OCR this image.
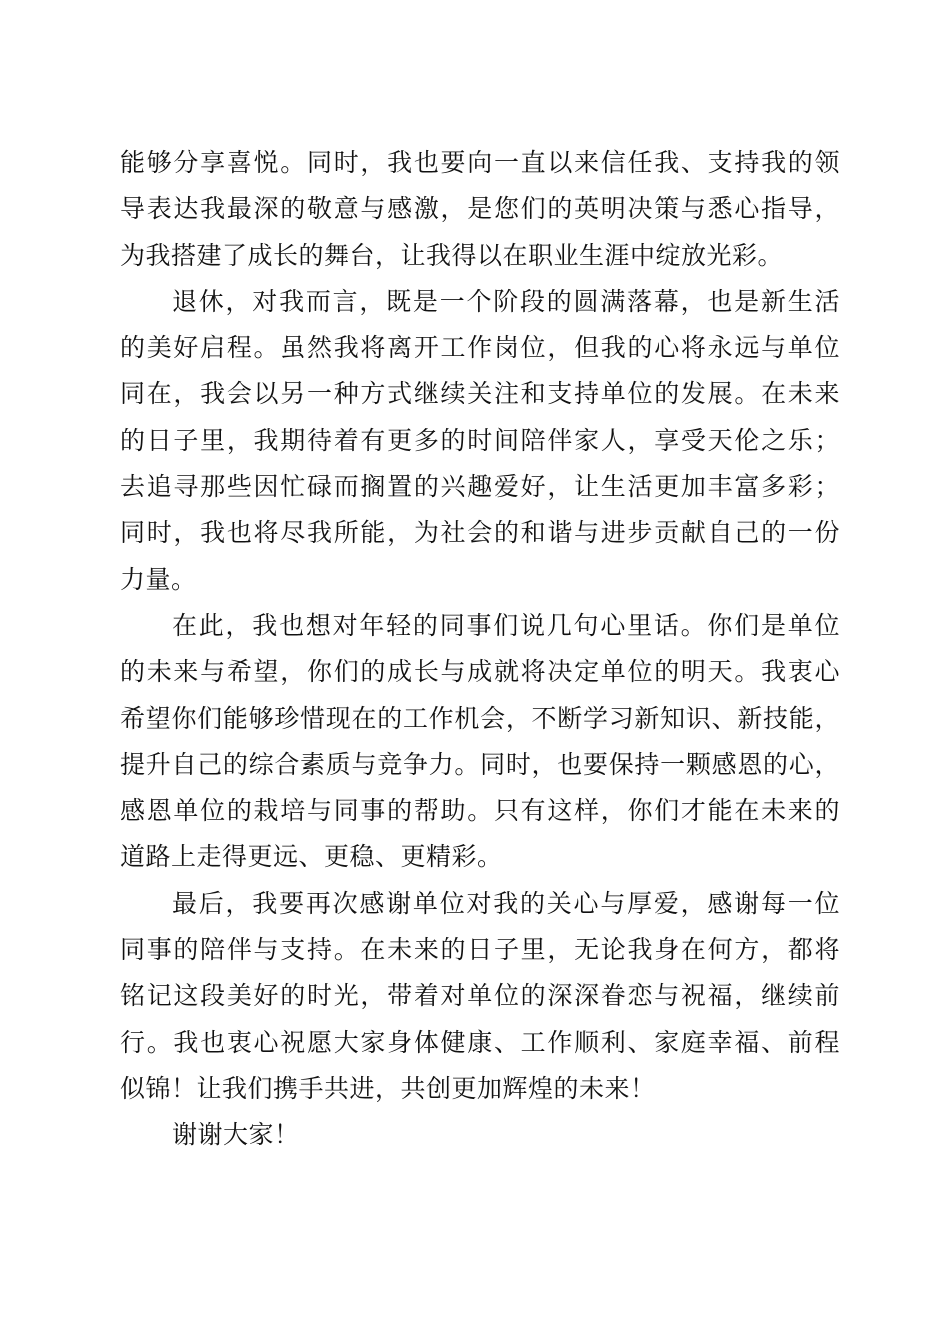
能够分享喜悦。同时，我也要向一直以来信任我、支持我的领
导表达我最深的敬意与感激，是您们的英明决策与悉心指导，
为我搭建了成长的舞台，让我得以在职业生涯中绽放光彩。
退休，对我而言，既是一个阶段的圆满落幕，也是新生活
的美好启程。虽然我将离开工作岗位，但我的心将永远与单位
同在，我会以另一种方式继续关注和支持单位的发展。在未来
的日子里，我期待着有更多的时间陪伴家人，享受天伦之乐；
去追寻那些因忙碌而搁置的兴趣爱好，让生活更加丰富多彩；
同时，我也将尽我所能，为社会的和谐与进步贡献自己的一份
力量。
在此，我也想对年轻的同事们说几句心里话。你们是单位
的未来与希望，你们的成长与成就将决定单位的明天。我衷心
希望你们能够珍惜现在的工作机会，不断学习新知识、新技能，
提升自己的综合素质与竞争力。同时，也要保持一颗感恩的心，
感恩单位的栽培与同事的帮助。只有这样，你们才能在未来的
道路上走得更远、更稳、更精彩。
最后，我要再次感谢单位对我的关心与厚爱，感谢每一位
同事的陪伴与支持。在未来的日子里，无论我身在何方，都将
铭记这段美好的时光，带着对单位的深深眷恋与祝福，继续前
行。我也衷心祝愿大家身体健康、工作顺利、家庭幸福、前程
似锦！让我们携手共进，共创更加辉煌的未来！
谢谢大家！
